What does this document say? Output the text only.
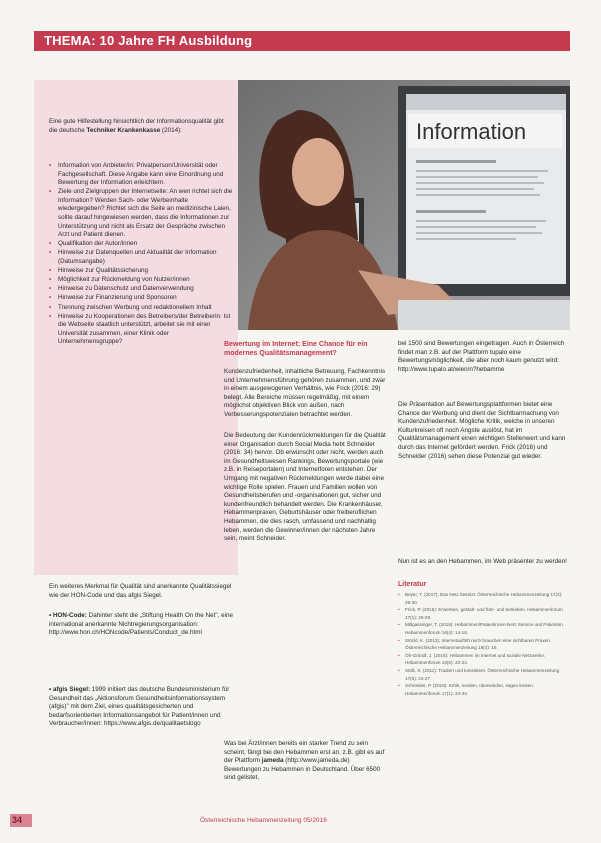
THEMA: 10 Jahre FH Ausbildung

Eine gute Hilfestellung hinsichtlich der Informationsqualität gibt die deutsche Techniker Krankenkasse (2014):

• Information von Anbieter/in: Privatperson/Universität oder Fachgesellschaft. Diese Angabe kann eine Einordnung und Bewertung der Information erleichtern.
• Ziele und Zielgruppen der Internetseite: An wen richtet sich die Information? Werden Sach- oder Werbeinhalte wiedergegeben? Richtet sich die Seite an medizinische Laien, sollte darauf hingewiesen werden, dass die Informationen zur Unterstützung und nicht als Ersatz der Gespräche zwischen Arzt und Patient dienen.
• Qualifikation der Autor/innen
• Hinweise zur Datenquellen und Aktualität der Information (Datumsangabe)
• Hinweise zur Qualitätssicherung
• Möglichkeit zur Rückmeldung von Nutzer/innen
• Hinweise zu Datenschutz und Datenverwendung
• Hinweise zur Finanzierung und Sponsoren
• Trennung zwischen Werbung und redaktionellem Inhalt
• Hinweise zu Kooperationen des Betreibers/der Betreiberin: Ist die Webseite staatlich unterstützt, arbeitet sie mit einer Universität zusammen, einer Klinik oder Unternehmensgruppe?
Information

Ein weiteres Merkmal für Qualität sind anerkannte Qualitätssiegel wie der HON-Code und das afgis Siegel.

• HON-Code: Dahinter steht die „Stiftung Health On the Net", eine international anerkannte Nichtregierungsorganisation: http://www.hon.ch/HONcode/Patients/Conduct_de.html

• afgis Siegel: 1999 initiiert das deutsche Bundesministerium für Gesundheit das „Aktionsforum Gesundheitsinformationssystem (afgis)" mit dem Ziel, eines qualitätsgesicherten und bedarfsorientierten Informationsangebot für Patient/innen und Verbraucher/innen: https://www.afgis.de/qualitaetslogo

Bewertung im Internet: Eine Chance für ein modernes Qualitätsmanagement?

Kundenzufriedenheit, inhaltliche Betreuung, Fachkenntnis und Unternehmensführung gehören zusammen, und zwar in einem ausgewogenen Verhältnis, wie Frick (2016: 29) belegt. Alle Bereiche müssen regelmäßig, mit einem möglichst objektiven Blick von außen, nach Verbesserungspotenzialen betrachtet werden.

Die Bedeutung der Kundenrückmeldungen für die Qualität einer Organisation durch Social Media hebt Schneider (2016: 34) hervor. Ob erwünscht oder nicht, werden auch im Gesundheitswesen Rankings, Bewertungsportale (wie z.B. in Reiseportalen) und Internetforen entstehen. Der Umgang mit negativen Rückmeldungen werde dabei eine wichtige Rolle spielen. Frauen und Familien wollen von Gesundheitsberufen und -organisationen gut, sicher und kundenfreundlich behandelt werden. Die Krankenhäuser, Hebammenpraxen, Geburtshäuser oder freiberuflichen Hebammen, die dies rasch, umfassend und nachhaltig leben, werden die Gewinner/innen der nächsten Jahre sein, meint Schneider.

Was bei Ärzt/innen bereits ein starker Trend zu sein scheint, fängt bei den Hebammen erst an. z.B. gibt es auf der Plattform jameda (http://www.jameda.de) Bewertungen zu Hebammen in Deutschland. Über 6500 sind gelistet,

bei 1500 sind Bewertungen eingetragen. Auch in Österreich findet man z.B. auf der Plattform tupalo eine Bewertungsmöglichkeit, die aber noch kaum genutzt wird: http://www.tupalo.at/wien/n?hebamme

Die Präsentation auf Bewertungsplattformen bietet eine Chance der Werbung und dient der Sichtbarmachung von Kundenzufriedenheit. Mögliche Kritik, welche in unseren Kulturkreisen oft noch Angste auslöst, hat im Qualitätsmanagement einen wichtigen Stellenwert und kann durch das Internet gefördert werden. Frick (2016) und Schneider (2016) sehen diese Potenzial gut wieder.

Nun ist es an den Hebammen, im Web präsenter zu werden!

Literatur
• Beyer, T. (2017): Das Netz besetzt. Österreichische Hebammenzeitung 17(4): 29-30.
• Frick, P. (2016): Erwerben, gestalt- und führ- und betrieben. Hebammenforum 17(1): 26-29.
• Mitlgassinger, T. (2015): Hebammen/Patientinnen-Netz Service und Patienten. Hebammenforum 16(4): 14-18.
• Stöckl, K. (2013): Internetauftritt noch brauchen eine sichtbaren Praxen. Österreichische Hebammenzeitung 19(4): 15.
• Oh-Gründl, J. (2016): Hebammen im Internet und soziale Netzwerke. Hebammenforum 16(6): 22-24.
• Stöß, S. (2011): Tradiert und konsistent. Österreichische Hebammenzeitung 17(6): 24-27.
• Schneider, P. (2016): Kritik, meiden, überwinden, sagen lenken. Hebammenforum 17(1): 34-44.
34	Österreichische Hebammenzeitung 05/2016
